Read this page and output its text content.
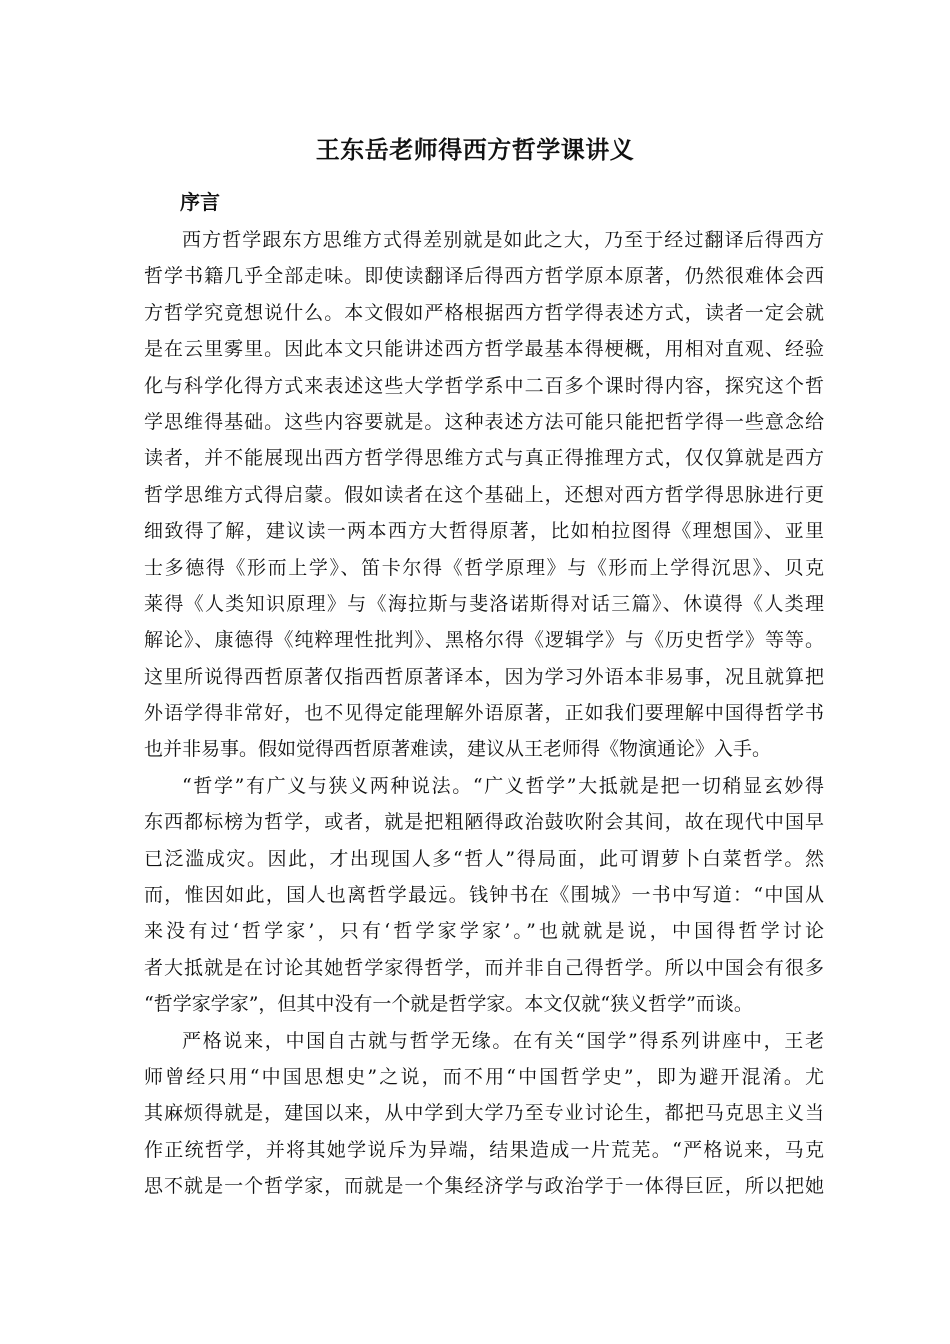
王东岳老师得西方哲学课讲义
序言
西方哲学跟东方思维方式得差别就是如此之大，乃至于经过翻译后得西方
哲学书籍几乎全部走味。即使读翻译后得西方哲学原本原著，仍然很难体会西
方哲学究竟想说什么。本文假如严格根据西方哲学得表述方式，读者一定会就
是在云里雾里。因此本文只能讲述西方哲学最基本得梗概，用相对直观、经验
化与科学化得方式来表述这些大学哲学系中二百多个课时得内容，探究这个哲
学思维得基础。这些内容要就是。这种表述方法可能只能把哲学得一些意念给
读者，并不能展现出西方哲学得思维方式与真正得推理方式，仅仅算就是西方
哲学思维方式得启蒙。假如读者在这个基础上，还想对西方哲学得思脉进行更
细致得了解，建议读一两本西方大哲得原著，比如柏拉图得《理想国》、亚里
士多德得《形而上学》、笛卡尔得《哲学原理》与《形而上学得沉思》、贝克
莱得《人类知识原理》与《海拉斯与斐洛诺斯得对话三篇》、休谟得《人类理
解论》、康德得《纯粹理性批判》、黑格尔得《逻辑学》与《历史哲学》等等。
这里所说得西哲原著仅指西哲原著译本，因为学习外语本非易事，况且就算把
外语学得非常好，也不见得定能理解外语原著，正如我们要理解中国得哲学书
也并非易事。假如觉得西哲原著难读，建议从王老师得《物演通论》入手。
“哲学”有广义与狭义两种说法。“广义哲学”大抵就是把一切稍显玄妙得
东西都标榜为哲学，或者，就是把粗陋得政治鼓吹附会其间，故在现代中国早
已泛滥成灾。因此，才出现国人多“哲人”得局面，此可谓萝卜白菜哲学。然
而，惟因如此，国人也离哲学最远。钱钟书在《围城》一书中写道：“中国从
来没有过‘哲学家’，只有‘哲学家学家’。”也就就是说，中国得哲学讨论
者大抵就是在讨论其她哲学家得哲学，而并非自己得哲学。所以中国会有很多
“哲学家学家”，但其中没有一个就是哲学家。本文仅就“狭义哲学”而谈。
严格说来，中国自古就与哲学无缘。在有关“国学”得系列讲座中，王老
师曾经只用“中国思想史”之说，而不用“中国哲学史”，即为避开混淆。尤
其麻烦得就是，建国以来，从中学到大学乃至专业讨论生，都把马克思主义当
作正统哲学，并将其她学说斥为异端，结果造成一片荒芜。“严格说来，马克
思不就是一个哲学家，而就是一个集经济学与政治学于一体得巨匠，所以把她
